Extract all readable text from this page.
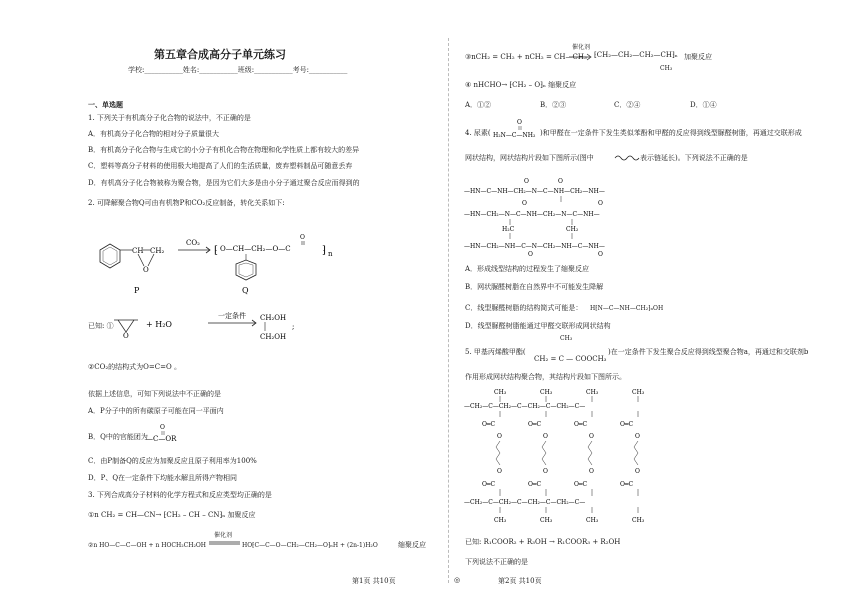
第五章合成高分子单元练习
学校:___________姓名:___________班级:___________考号:___________
一、单选题
1. 下列关于有机高分子化合物的说法中，不正确的是
A．有机高分子化合物的相对分子质量很大
B．有机高分子化合物与生成它的小分子有机化合物在物理和化学性质上都有较大的差异
C．塑料等高分子材料的使用极大地提高了人们的生活质量，废弃塑料制品可随意丢弃
D．有机高分子化合物被称为聚合物，是因为它们大多是由小分子通过聚合反应而得到的
2. 可降解聚合物Q可由有机物P和CO₂反应制备，转化关系如下:
CH CH₂
O
P
CO₂
⁅ O—CH—CH₂—O—C	⁆ n
O
Q
已知: ①
O
+ H₂O
一定条件 CH₂OH
CH₂OH
;
②CO₂的结构式为O=C=O 。
依据上述信息，可知下列说法中不正确的是
A．P分子中的所有碳原子可能在同一平面内
B．Q中的官能团为
O
—C—OR
C．由P制备Q的反应为加聚反应且原子利用率为100%
D．P、Q在一定条件下均能水解且所得产物相同
3. 下列合成高分子材料的化学方程式和反应类型均正确的是
①n CH₂ = CH—CN→ ⁅CH₂ – CH – CN⁆ₙ 加聚反应
②n HO—C—C—OH + n HOCH₂CH₂OH
催化剂
HO⁅C—C—O—CH₂—CH₂—O⁆ₙH + (2n-1)H₂O	缩聚反应
第1页 共10页	◎
③nCH₂ = CH₂ + nCH₂ = CH—CH₃
催化剂
⁅CH₂—CH₂—CH₂—CH⁆ₙ
CH₃
加聚反应
④ nHCHO→ ⁅CH₂ – O⁆ₙ 缩聚反应
A．①②	B．②③	C．②④	D．①④
4. 尿素(
O
H₂N—C—NH₂ )和甲醛在一定条件下发生类似苯酚和甲醛的反应得到线型脲醛树脂，再通过交联形成
网状结构，网状结构片段如下图所示(图中	表示链延长)。下列说法不正确的是
O	O
—HN—C—NH—CH₂—N—C—NH—CH₂—NH—
O	O
—HN—CH₂—N—C—NH—CH₂—N—C—NH—
H₂C	CH₂
—HN—CH₂—NH—C—N—CH₂—NH—C—NH—
O	O
A．形成线型结构的过程发生了缩聚反应
B．网状脲醛树脂在自然界中不可能发生降解
C．线型脲醛树脂的结构简式可能是： H⁅N—C—NH—CH₂⁆ₙOH
D．线型脲醛树脂能通过甲醛交联形成网状结构
5. 甲基丙烯酸甲酯(
CH₃
CH₂ = C — COOCH₃
)在一定条件下发生聚合反应得到线型聚合物a，再通过和交联剂b
作用形成网状结构聚合物，其结构片段如下图所示。
—CH₂—C—CH₂—C—CH₂—C—CH₂—C—
CH₃	CH₃	CH₃	CH₃
O═C	O═C	O═C	O═C
O	O	O	O
O	O	O	O
O═C	O═C	O═C	O═C
—CH₂—C—CH₂—C—CH₂—C—CH₂—C—
CH₃	CH₃	CH₃	CH₃
已知: R₁COOR₂ + R₃OH → R₁COOR₃ + R₂OH
下列说法不正确的是
第2页 共10页
